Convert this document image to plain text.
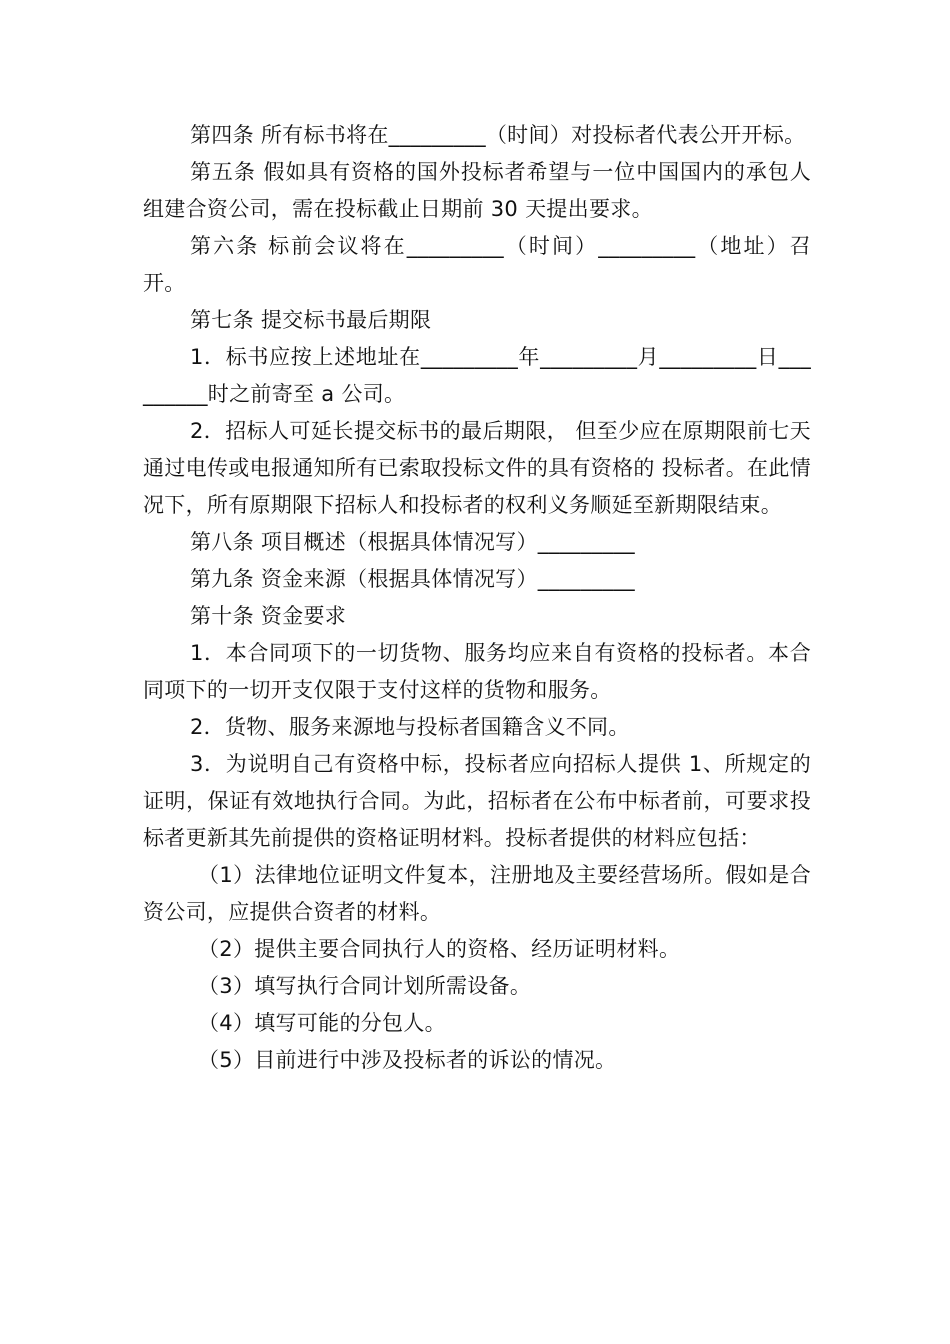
第四条 所有标书将在_________（时间）对投标者代表公开开标。

第五条 假如具有资格的国外投标者希望与一位中国国内的承包人组建合资公司，需在投标截止日期前 30 天提出要求。

第六条 标前会议将在_________（时间）_________（地址）召开。

第七条 提交标书最后期限

1．标书应按上述地址在_________年_________月_________日_________时之前寄至 a 公司。

2．招标人可延长提交标书的最后期限， 但至少应在原期限前七天通过电传或电报通知所有已索取投标文件的具有资格的 投标者。在此情况下，所有原期限下招标人和投标者的权利义务顺延至新期限结束。

第八条 项目概述（根据具体情况写）_________

第九条 资金来源（根据具体情况写）_________

第十条 资金要求

1．本合同项下的一切货物、服务均应来自有资格的投标者。本合同项下的一切开支仅限于支付这样的货物和服务。

2．货物、服务来源地与投标者国籍含义不同。

3．为说明自己有资格中标，投标者应向招标人提供 1、所规定的证明，保证有效地执行合同。为此，招标者在公布中标者前，可要求投标者更新其先前提供的资格证明材料。投标者提供的材料应包括：

（1）法律地位证明文件复本，注册地及主要经营场所。假如是合资公司，应提供合资者的材料。

（2）提供主要合同执行人的资格、经历证明材料。

（3）填写执行合同计划所需设备。

（4）填写可能的分包人。

（5）目前进行中涉及投标者的诉讼的情况。
